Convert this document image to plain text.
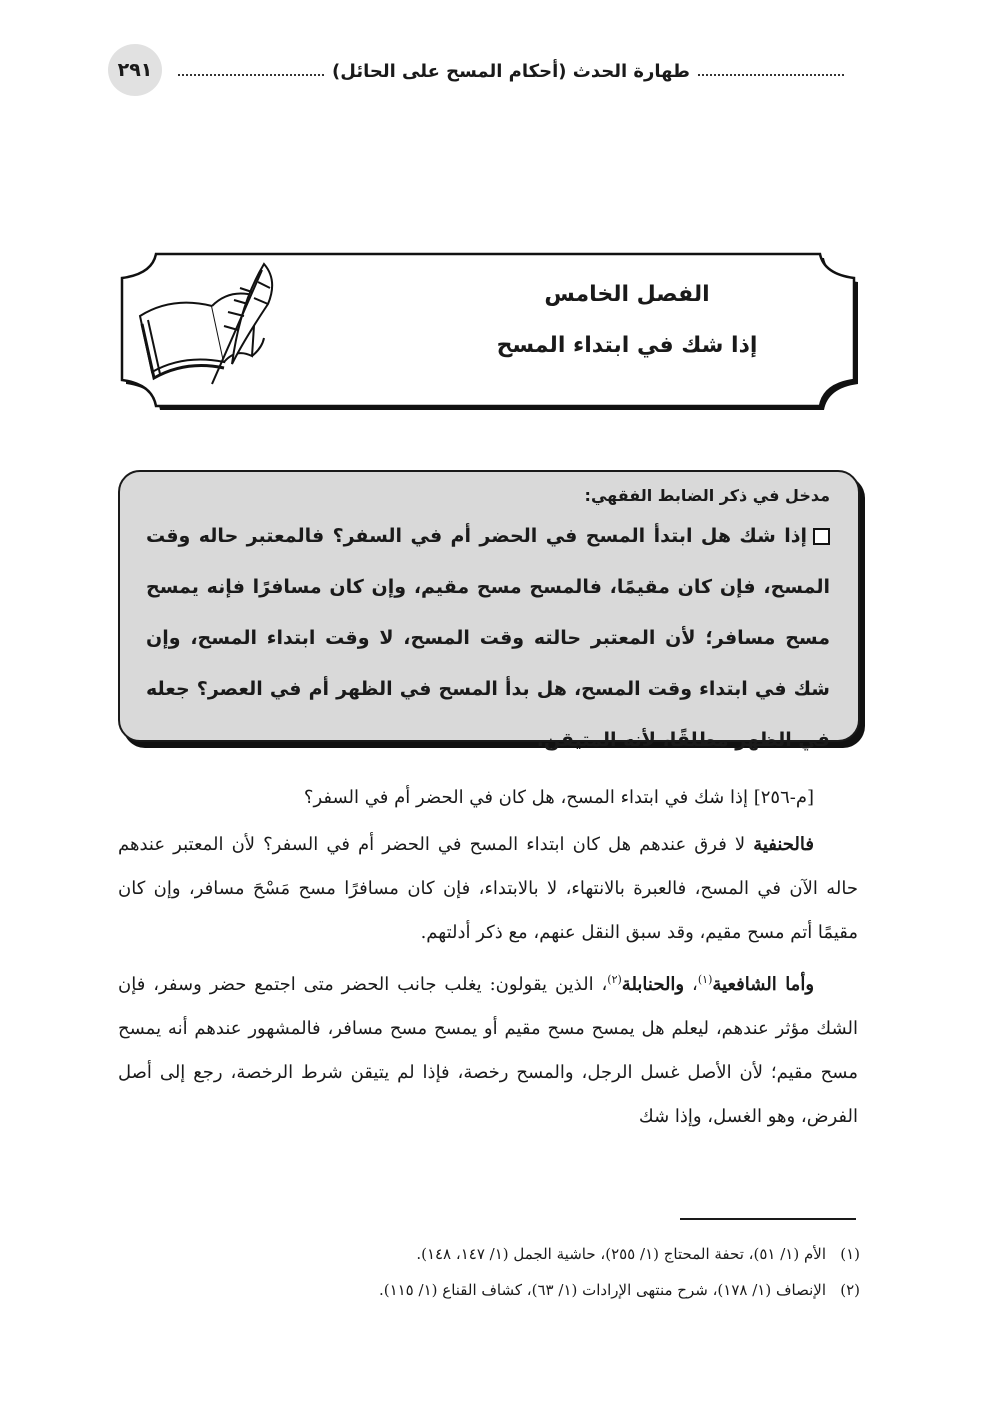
٢٩١	طهارة الحدث (أحكام المسح على الحائل)
الفصل الخامس
إذا شك في ابتداء المسح
مدخل في ذكر الضابط الفقهي:
إذا شك هل ابتدأ المسح في الحضر أم في السفر؟ فالمعتبر حاله وقت المسح، فإن كان مقيمًا، فالمسح مسح مقيم، وإن كان مسافرًا فإنه يمسح مسح مسافر؛ لأن المعتبر حالته وقت المسح، لا وقت ابتداء المسح، وإن شك في ابتداء وقت المسح، هل بدأ المسح في الظهر أم في العصر؟ جعله في الظهر مطلقًا، لأنه المتيقن.

[م-٢٥٦] إذا شك في ابتداء المسح، هل كان في الحضر أم في السفر؟

فالحنفية لا فرق عندهم هل كان ابتداء المسح في الحضر أم في السفر؟ لأن المعتبر عندهم حاله الآن في المسح، فالعبرة بالانتهاء، لا بالابتداء، فإن كان مسافرًا مسح مَسْحَ مسافر، وإن كان مقيمًا أتم مسح مقيم، وقد سبق النقل عنهم، مع ذكر أدلتهم.

وأما الشافعية$^{(١)}$، والحنابلة$^{(٢)}$، الذين يقولون: يغلب جانب الحضر متى اجتمع حضر وسفر، فإن الشك مؤثر عندهم، ليعلم هل يمسح مسح مقيم أو يمسح مسح مسافر، فالمشهور عندهم أنه يمسح مسح مقيم؛ لأن الأصل غسل الرجل، والمسح رخصة، فإذا لم يتيقن شرط الرخصة، رجع إلى أصل الفرض، وهو الغسل، وإذا شك

(١)الأم (١/ ٥١)، تحفة المحتاج (١/ ٢٥٥)، حاشية الجمل (١/ ١٤٧، ١٤٨).
(٢)الإنصاف (١/ ١٧٨)، شرح منتهى الإرادات (١/ ٦٣)، كشاف القناع (١/ ١١٥).
